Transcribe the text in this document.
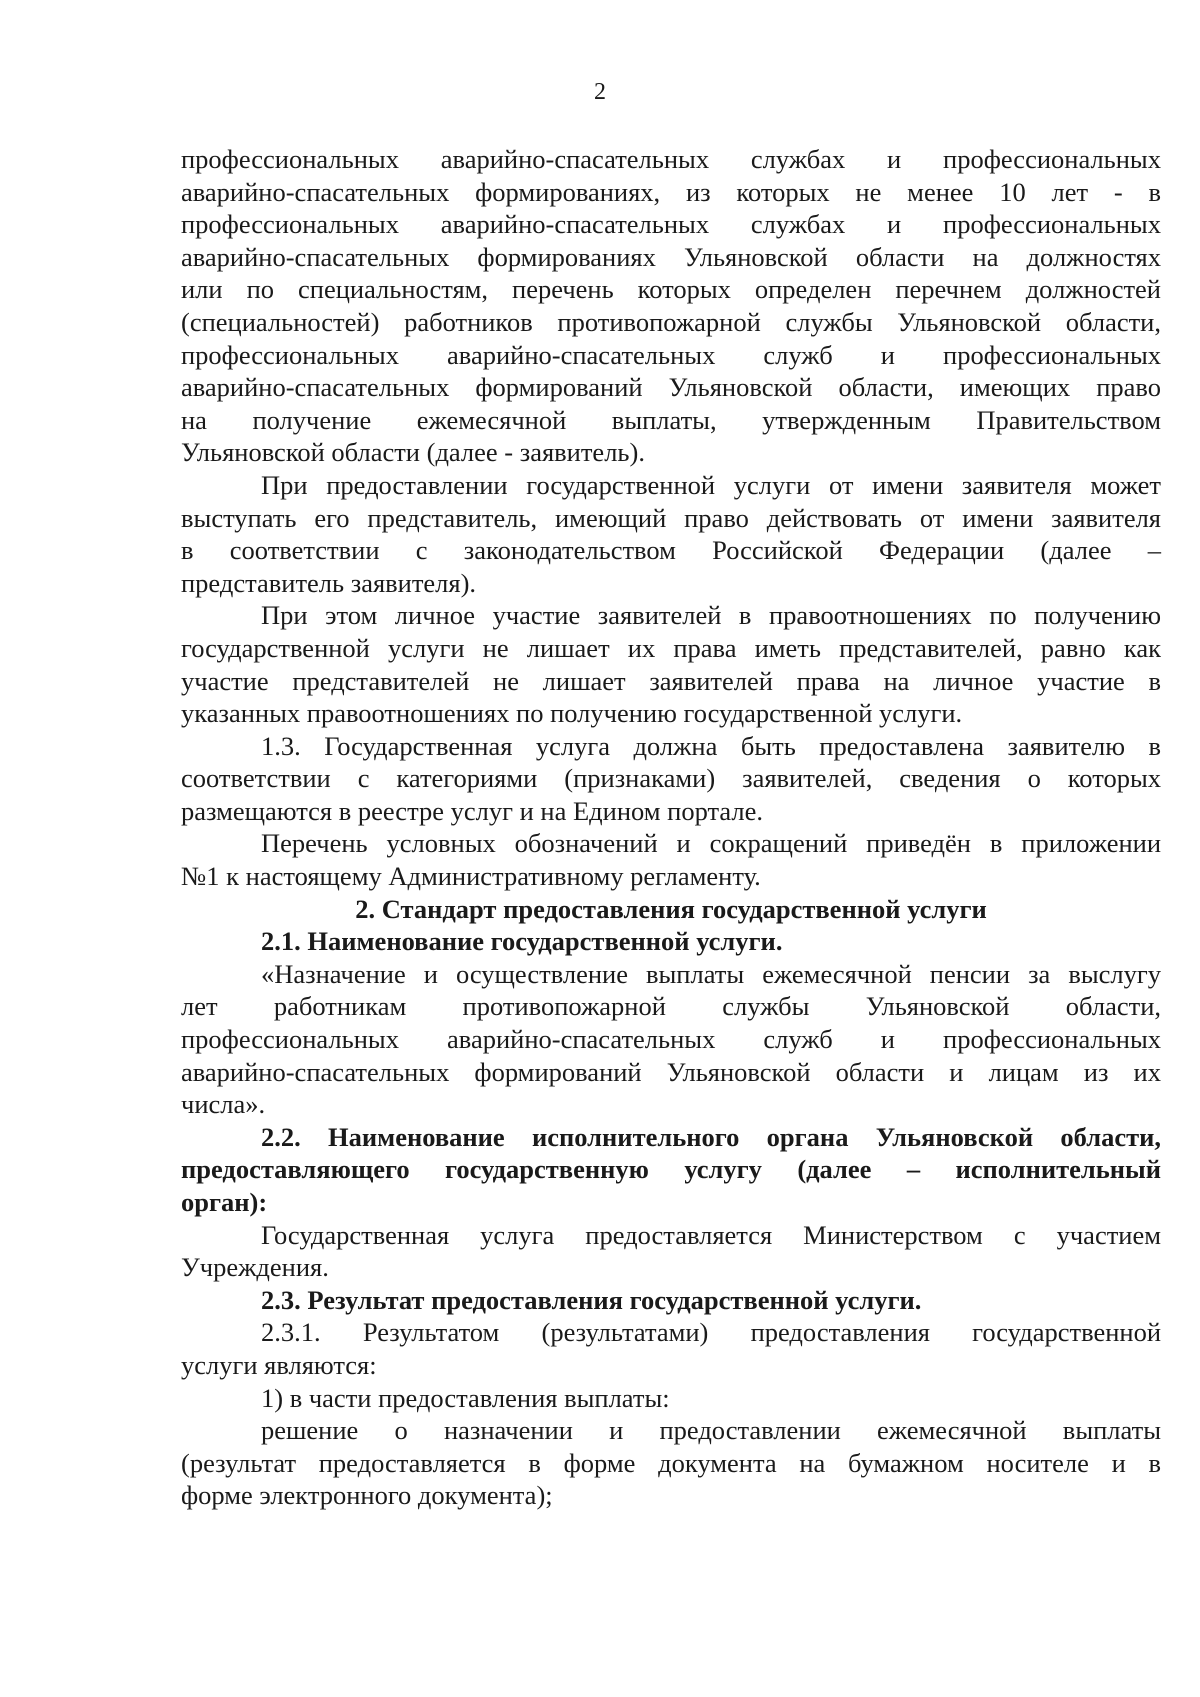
2
профессиональных аварийно-спасательных службах и профессиональных
аварийно-спасательных формированиях, из которых не менее 10 лет - в
профессиональных аварийно-спасательных службах и профессиональных
аварийно-спасательных формированиях Ульяновской области на должностях
или по специальностям, перечень которых определен перечнем должностей
(специальностей) работников противопожарной службы Ульяновской области,
профессиональных аварийно-спасательных служб и профессиональных
аварийно-спасательных формирований Ульяновской области, имеющих право
на получение ежемесячной выплаты, утвержденным Правительством
Ульяновской области (далее - заявитель).
При предоставлении государственной услуги от имени заявителя может
выступать его представитель, имеющий право действовать от имени заявителя
в соответствии с законодательством Российской Федерации (далее –
представитель заявителя).
При этом личное участие заявителей в правоотношениях по получению
государственной услуги не лишает их права иметь представителей, равно как
участие представителей не лишает заявителей права на личное участие в
указанных правоотношениях по получению государственной услуги.
1.3. Государственная услуга должна быть предоставлена заявителю в
соответствии с категориями (признаками) заявителей, сведения о которых
размещаются в реестре услуг и на Едином портале.
Перечень условных обозначений и сокращений приведён в приложении
№1 к настоящему Административному регламенту.
2. Стандарт предоставления государственной услуги
2.1. Наименование государственной услуги.
«Назначение и осуществление выплаты ежемесячной пенсии за выслугу
лет работникам противопожарной службы Ульяновской области,
профессиональных аварийно-спасательных служб и профессиональных
аварийно-спасательных формирований Ульяновской области и лицам из их
числа».
2.2. Наименование исполнительного органа Ульяновской области,
предоставляющего государственную услугу (далее – исполнительный
орган):
Государственная услуга предоставляется Министерством с участием
Учреждения.
2.3. Результат предоставления государственной услуги.
2.3.1. Результатом (результатами) предоставления государственной
услуги являются:
1) в части предоставления выплаты:
решение о назначении и предоставлении ежемесячной выплаты
(результат предоставляется в форме документа на бумажном носителе и в
форме электронного документа);
